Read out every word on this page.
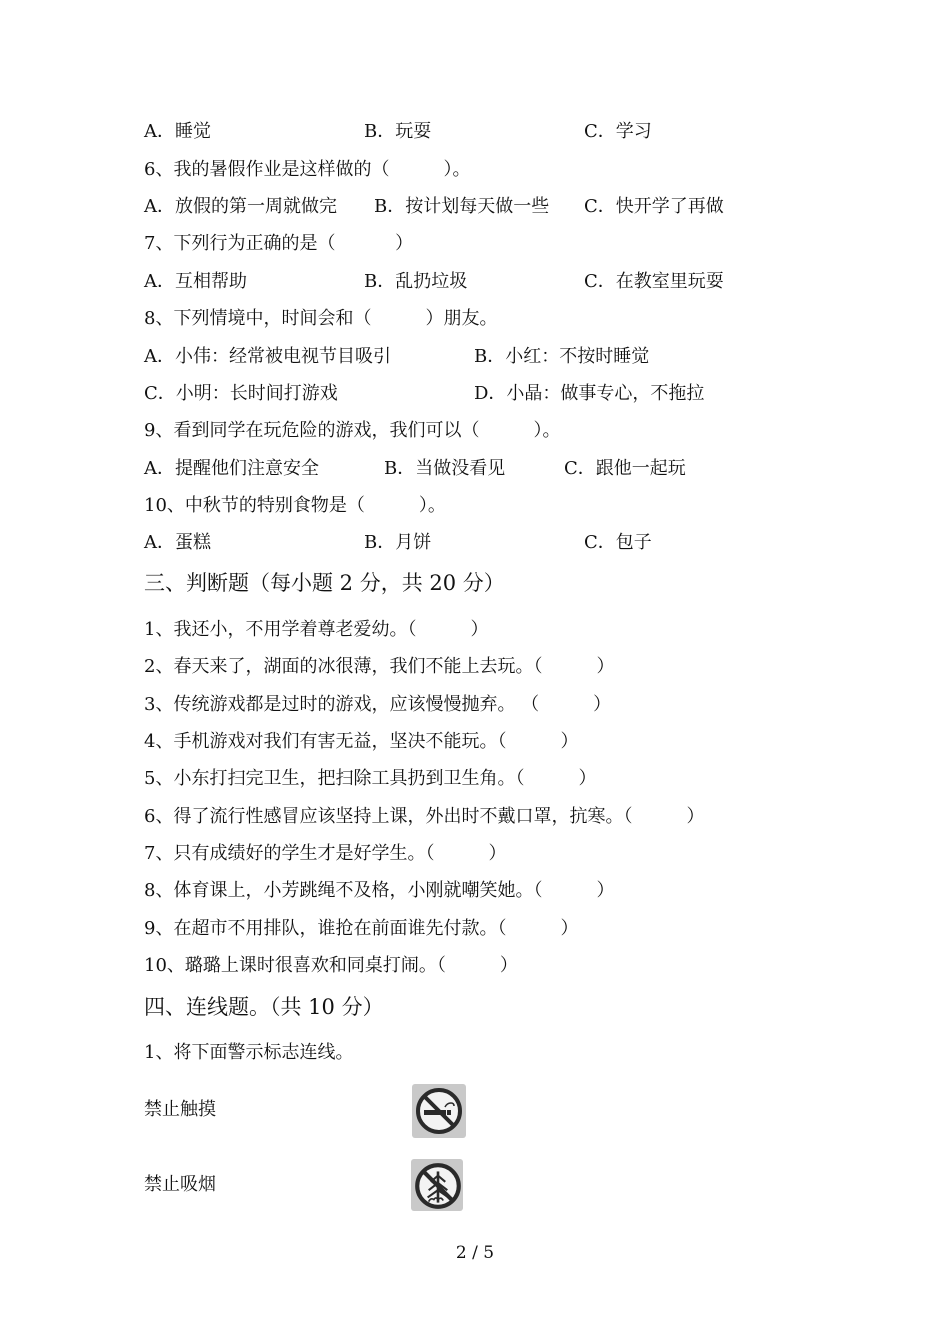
A．睡觉	B．玩耍	C．学习
6、我的暑假作业是这样做的（　　　）。
A．放假的第一周就做完 B．按计划每天做一些 C．快开学了再做
7、下列行为正确的是（　　　 ）
A．互相帮助	B．乱扔垃圾	C．在教室里玩耍
8、下列情境中，时间会和（　　　）朋友。
A．小伟：经常被电视节目吸引	B．小红：不按时睡觉
C．小明：长时间打游戏	D．小晶：做事专心，不拖拉
9、看到同学在玩危险的游戏，我们可以（　　　）。
A．提醒他们注意安全	B．当做没看见	C．跟他一起玩
10、中秋节的特别食物是（　　　）。
A．蛋糕	B．月饼	C．包子
三、判断题（每小题 2 分，共 20 分）
1、我还小，不用学着尊老爱幼。（　　　）
2、春天来了，湖面的冰很薄，我们不能上去玩。（　　　）
3、传统游戏都是过时的游戏，应该慢慢抛弃。 （　　　）
4、手机游戏对我们有害无益，坚决不能玩。（　　　）
5、小东打扫完卫生，把扫除工具扔到卫生角。（　　　）
6、得了流行性感冒应该坚持上课，外出时不戴口罩，抗寒。（　　　）
7、只有成绩好的学生才是好学生。（　　　）
8、体育课上，小芳跳绳不及格，小刚就嘲笑她。（　　　）
9、在超市不用排队，谁抢在前面谁先付款。（　　　）
10、璐璐上课时很喜欢和同桌打闹。（　　　）
四、连线题。（共 10 分）
1、将下面警示标志连线。
禁止触摸
禁止吸烟
2 / 5
